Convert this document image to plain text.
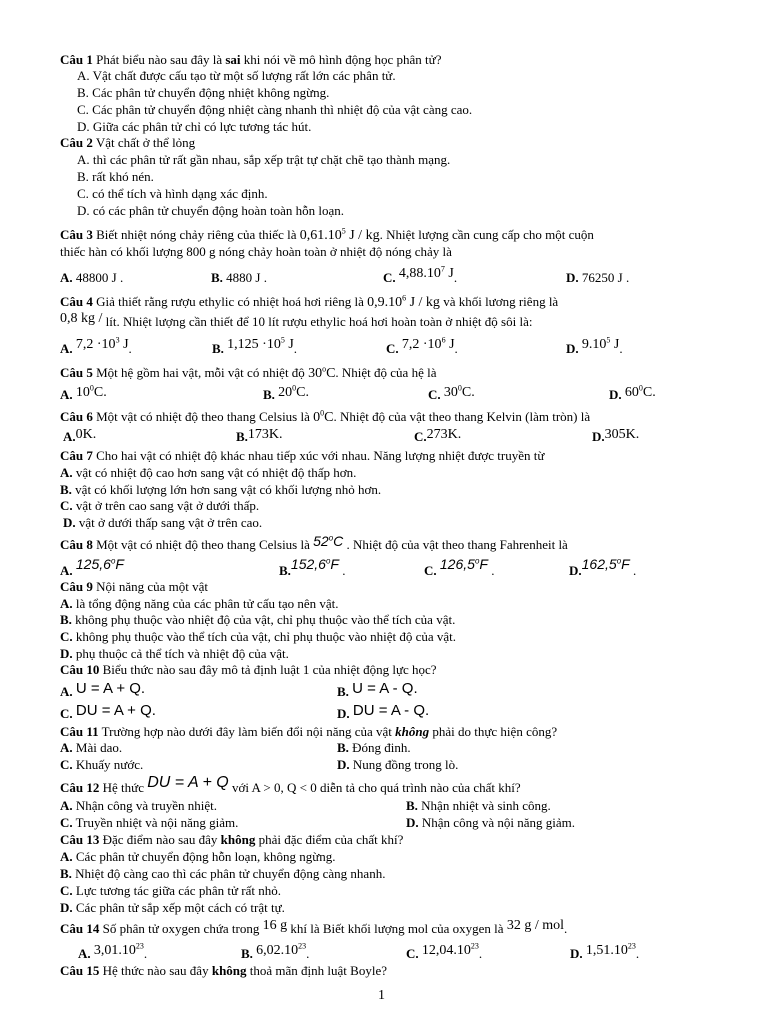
Câu 1 Phát biểu nào sau đây là sai khi nói về mô hình động học phân tử?
A. Vật chất được cấu tạo từ một số lượng rất lớn các phân tử.
B. Các phân tử chuyển động nhiệt không ngừng.
C. Các phân tử chuyển động nhiệt càng nhanh thì nhiệt độ của vật càng cao.
D. Giữa các phân tử chỉ có lực tương tác hút.
Câu 2 Vật chất ở thể lỏng
A. thì các phân tử rất gần nhau, sắp xếp trật tự chặt chẽ tạo thành mạng.
B. rất khó nén.
C. có thể tích và hình dạng xác định.
D. có các phân tử chuyển động hoàn toàn hỗn loạn.
Câu 3 Biết nhiệt nóng chảy riêng của thiếc là 0,61.10$^5$ J / kg. Nhiệt lượng cần cung cấp cho một cuộn
thiếc hàn có khối lượng 800 g nóng chảy hoàn toàn ở nhiệt độ nóng chảy là
A. 48800 J .	B. 4880 J .	C. 4,88.10$^7$ J.	D. 76250 J .
Câu 4 Giả thiết rằng rượu ethylic có nhiệt hoá hơi riêng là 0,9.10$^6$ J / kg và khối lương riêng là
0,8 kg / lít. Nhiệt lượng cần thiết để 10 lít rượu ethylic hoá hơi hoàn toàn ở nhiệt độ sôi là:
A. $7,2 \cdot 10^3$ J.	B. $1,125 \cdot 10^5$ J.	C. $7,2 \cdot 10^6$ J.	D. 9.10$^5$ J.
Câu 5 Một hệ gồm hai vật, mỗi vật có nhiệt độ 30$^o$C. Nhiệt độ của hệ là
A. $10^0C$.	B. $20^0C$.	C. $30^0C$.	D. $60^0C$.
Câu 6 Một vật có nhiệt độ theo thang Celsius là $0^0C$. Nhiệt độ của vật theo thang Kelvin (làm tròn) là
A.0K.	B.173K.	C.273K.	D.305K.
Câu 7 Cho hai vật có nhiệt độ khác nhau tiếp xúc với nhau. Năng lượng nhiệt được truyền từ
A. vật có nhiệt độ cao hơn sang vật có nhiệt độ thấp hơn.
B. vật có khối lượng lớn hơn sang vật có khối lượng nhỏ hơn.
C. vật ở trên cao sang vật ở dưới thấp.
D. vật ở dưới thấp sang vật ở trên cao.
Câu 8 Một vật có nhiệt độ theo thang Celsius là 52$^o$C . Nhiệt độ của vật theo thang Fahrenheit là
A. 125,6$^o$F	B.152,6$^o$F .	C. 126,5$^o$F .	D.162,5$^o$F .
Câu 9 Nội năng của một vật
A. là tổng động năng của các phân tử cấu tạo nên vật.
B. không phụ thuộc vào nhiệt độ của vật, chỉ phụ thuộc vào thể tích của vật.
C. không phụ thuộc vào thể tích của vật, chỉ phụ thuộc vào nhiệt độ của vật.
D. phụ thuộc cả thể tích và nhiệt độ của vật.
Câu 10 Biểu thức nào sau đây mô tả định luật 1 của nhiệt động lực học?
A. U = A + Q.	B. U = A - Q.
C. DU = A + Q.	D. DU = A - Q.
Câu 11 Trường hợp nào dưới đây làm biến đổi nội năng của vật không phải do thực hiện công?
A. Mài dao.	B. Đóng đinh.
C. Khuấy nước.	D. Nung đồng trong lò.
Câu 12 Hệ thức DU = A + Q với A > 0, Q < 0 diễn tả cho quá trình nào của chất khí?
A. Nhận công và truyền nhiệt.	B. Nhận nhiệt và sinh công.
C. Truyền nhiệt và nội năng giảm.	D. Nhận công và nội năng giảm.
Câu 13 Đặc điểm nào sau đây không phải đặc điểm của chất khí?
A. Các phân tử chuyển động hỗn loạn, không ngừng.
B. Nhiệt độ càng cao thì các phân tử chuyển động càng nhanh.
C. Lực tương tác giữa các phân tử rất nhỏ.
D. Các phân tử sắp xếp một cách có trật tự.
Câu 14 Số phân tử oxygen chứa trong 16 g khí là Biết khối lượng mol của oxygen là 32 g / mol.
A. 3,01.10$^{23}$.	B. 6,02.10$^{23}$.	C. 12,04.10$^{23}$.	D. 1,51.10$^{23}$.
Câu 15 Hệ thức nào sau đây không thoả mãn định luật Boyle?
1
